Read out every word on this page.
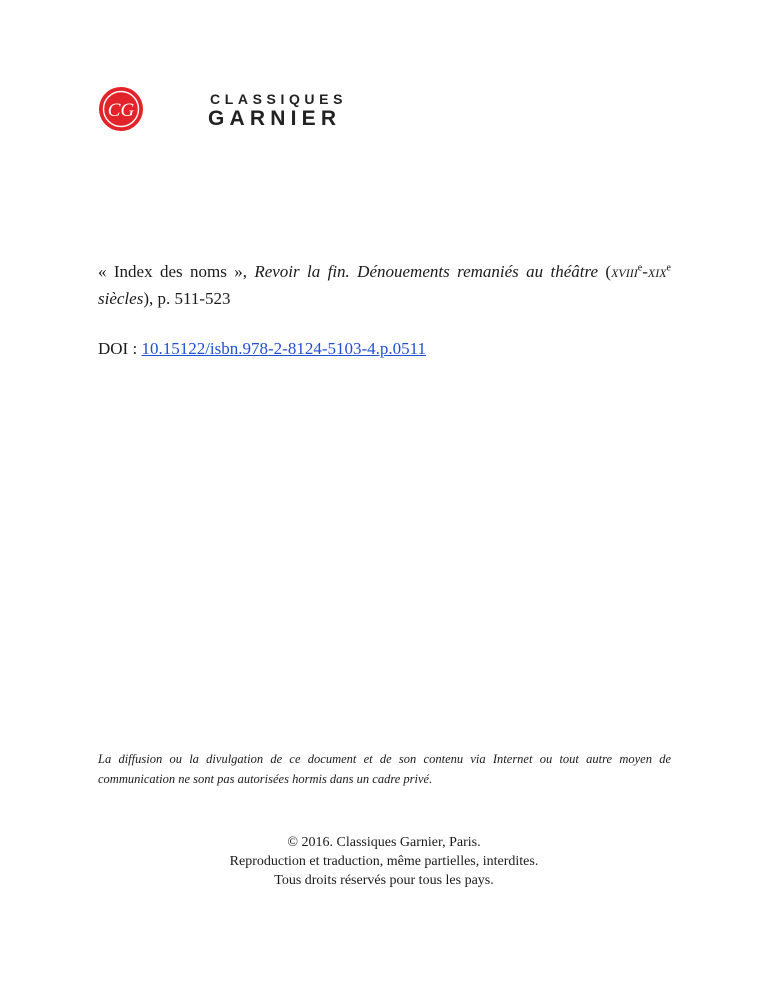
CG
CLASSIQUES
GARNIER
« Index des noms », Revoir la fin. Dénouements remaniés au théâtre (xviii$^e$-xix$^e$ siècles), p. 511-523
DOI : 10.15122/isbn.978-2-8124-5103-4.p.0511
La diffusion ou la divulgation de ce document et de son contenu via Internet ou tout autre moyen de communication ne sont pas autorisées hormis dans un cadre privé.
© 2016. Classiques Garnier, Paris.
Reproduction et traduction, même partielles, interdites.
Tous droits réservés pour tous les pays.
